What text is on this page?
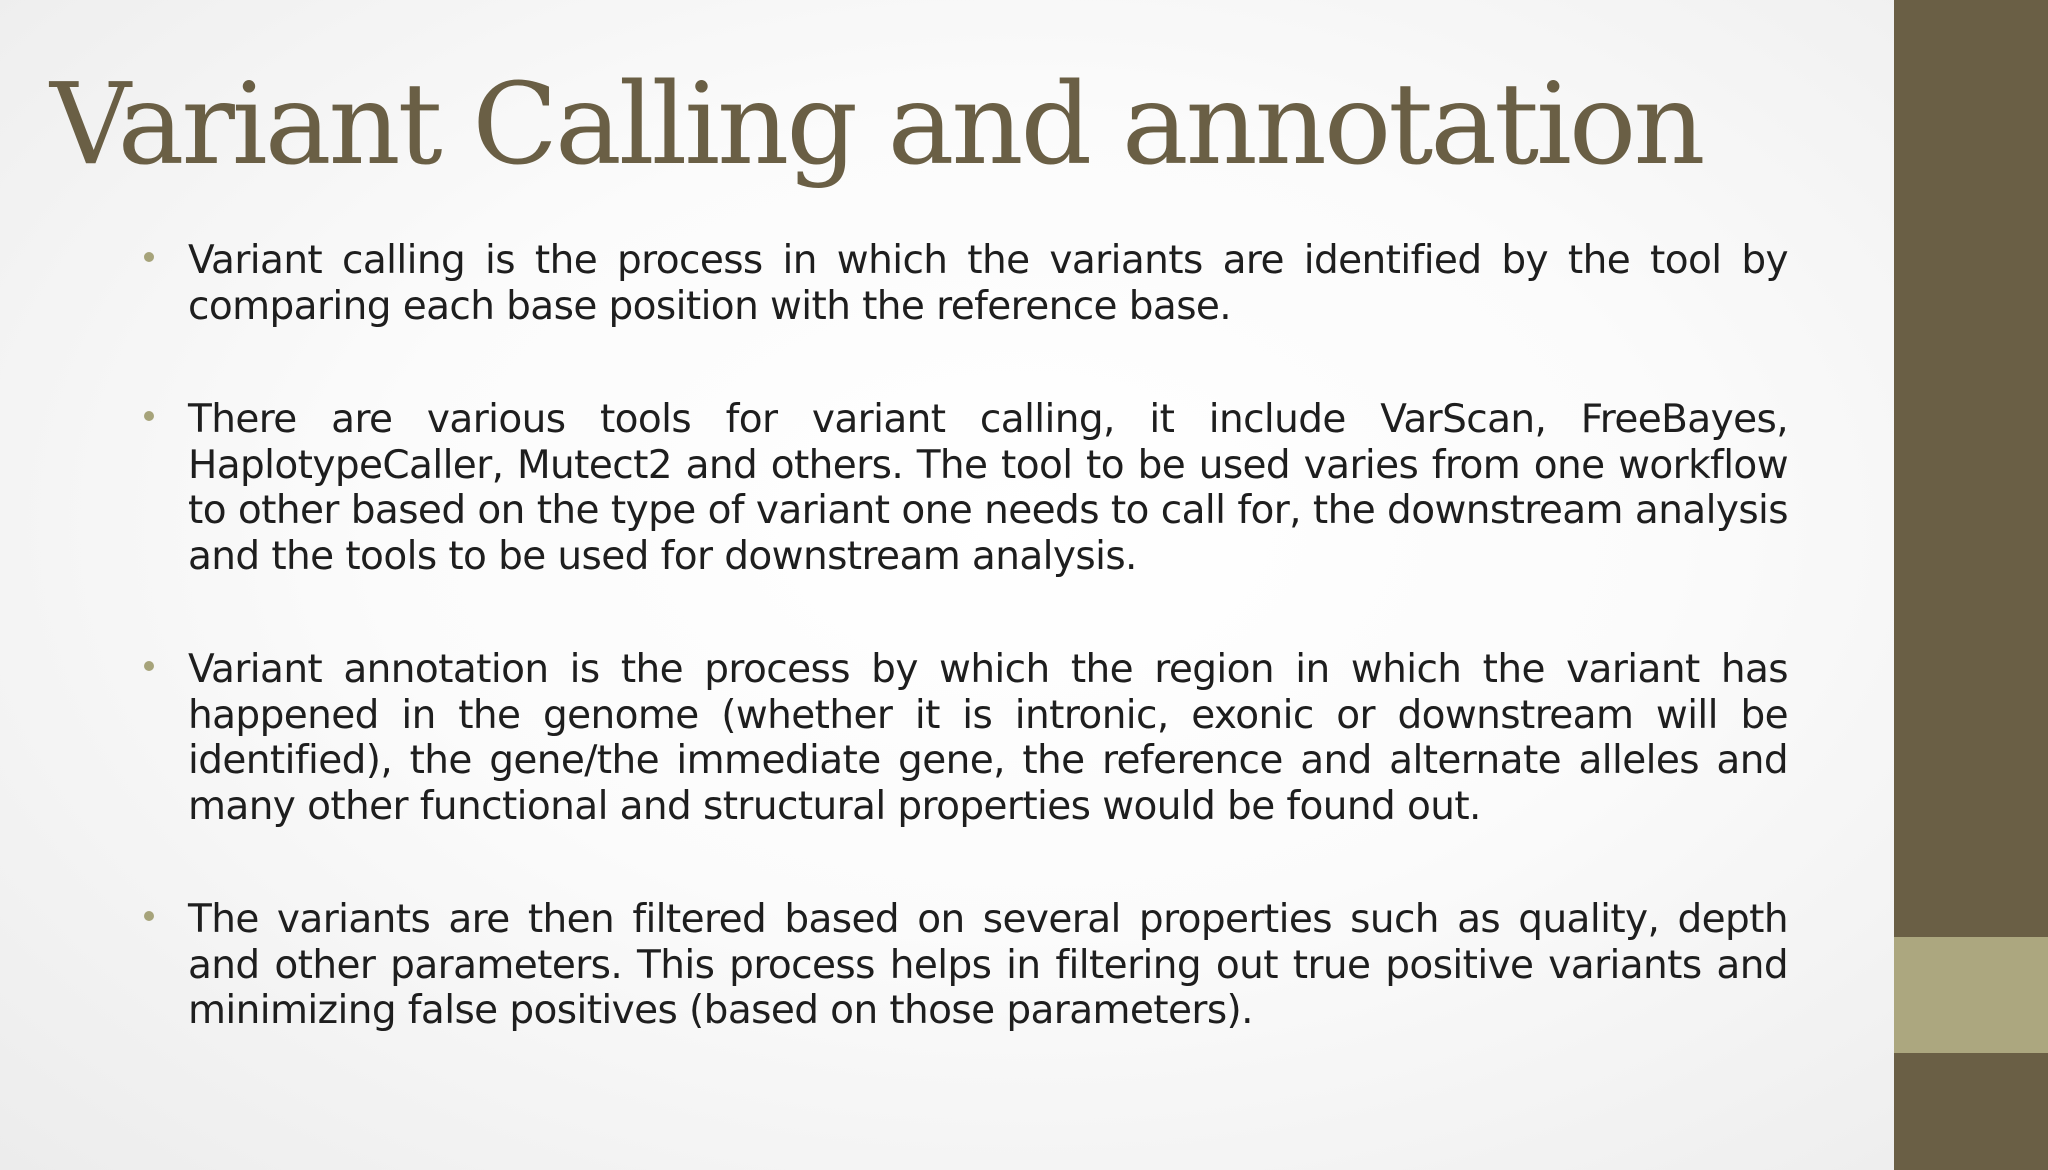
Variant Calling and annotation
Variant calling is the process in which the variants are identified by the tool by comparing each base position with the reference base.
There are various tools for variant calling, it include VarScan, FreeBayes, HaplotypeCaller, Mutect2 and others. The tool to be used varies from one workflow to other based on the type of variant one needs to call for, the downstream analysis and the tools to be used for downstream analysis.
Variant annotation is the process by which the region in which the variant has happened in the genome (whether it is intronic, exonic or downstream will be identified), the gene/the immediate gene, the reference and alternate alleles and many other functional and structural properties would be found out.
The variants are then filtered based on several properties such as quality, depth and other parameters. This process helps in filtering out true positive variants and minimizing false positives (based on those parameters).
